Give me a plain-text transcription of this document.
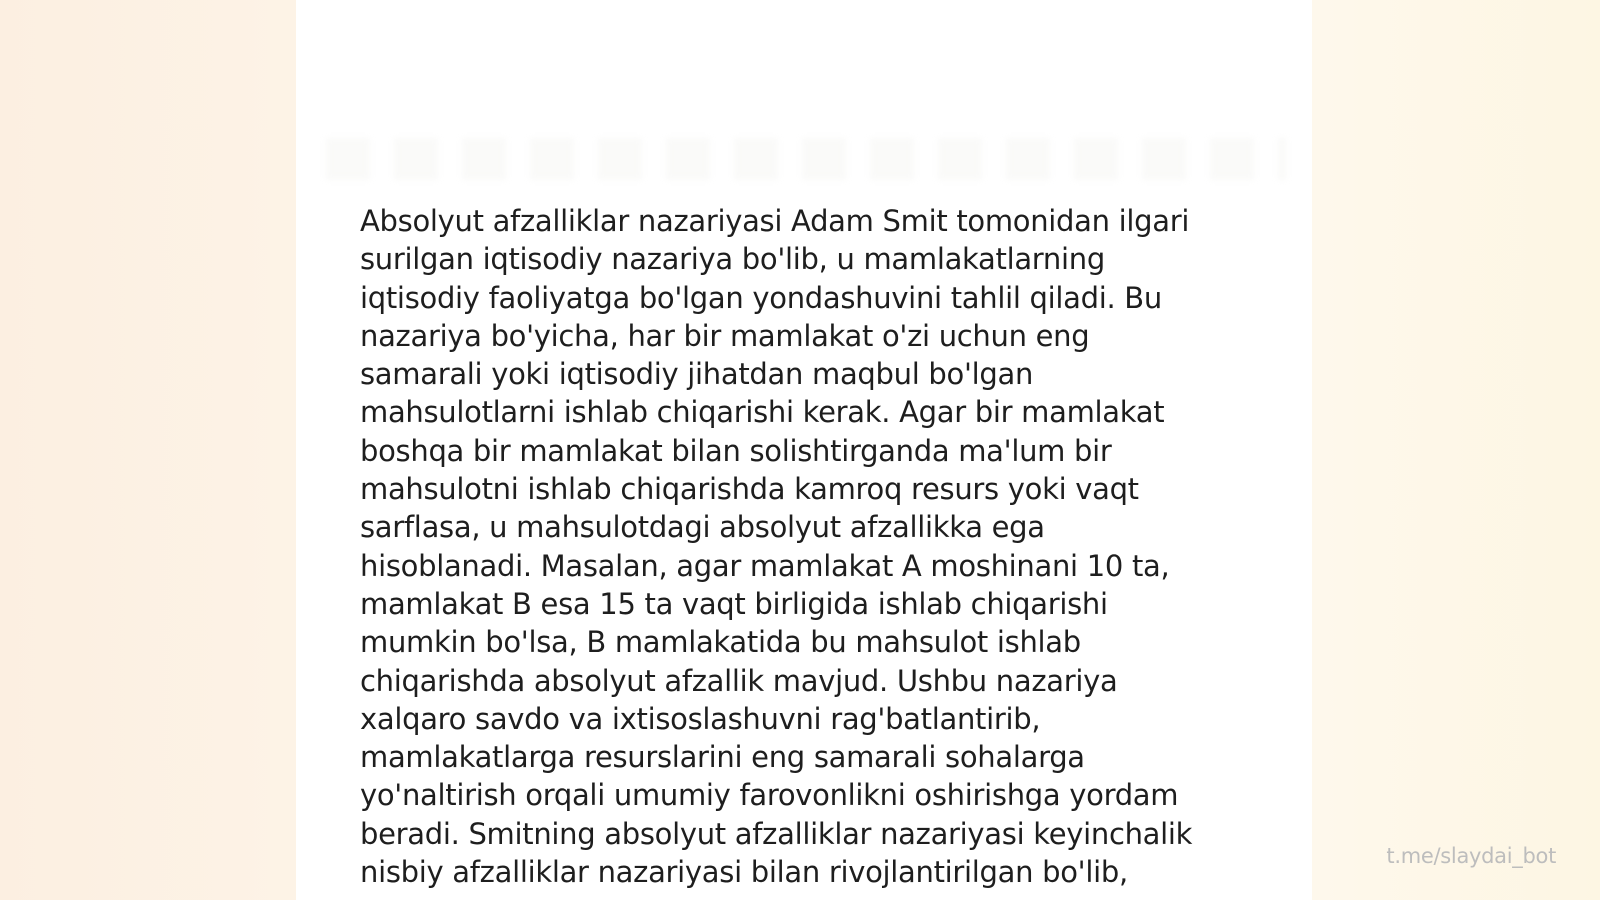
Absolyut afzalliklar nazariyasi Adam Smit tomonidan ilgari
surilgan iqtisodiy nazariya bo'lib, u mamlakatlarning
iqtisodiy faoliyatga bo'lgan yondashuvini tahlil qiladi. Bu
nazariya bo'yicha, har bir mamlakat o'zi uchun eng
samarali yoki iqtisodiy jihatdan maqbul bo'lgan
mahsulotlarni ishlab chiqarishi kerak. Agar bir mamlakat
boshqa bir mamlakat bilan solishtirganda ma'lum bir
mahsulotni ishlab chiqarishda kamroq resurs yoki vaqt
sarflasa, u mahsulotdagi absolyut afzallikka ega
hisoblanadi. Masalan, agar mamlakat A moshinani 10 ta,
mamlakat B esa 15 ta vaqt birligida ishlab chiqarishi
mumkin bo'lsa, B mamlakatida bu mahsulot ishlab
chiqarishda absolyut afzallik mavjud. Ushbu nazariya
xalqaro savdo va ixtisoslashuvni rag'batlantirib,
mamlakatlarga resurslarini eng samarali sohalarga
yo'naltirish orqali umumiy farovonlikni oshirishga yordam
beradi. Smitning absolyut afzalliklar nazariyasi keyinchalik
nisbiy afzalliklar nazariyasi bilan rivojlantirilgan bo'lib,	t.me/slaydai_bot
